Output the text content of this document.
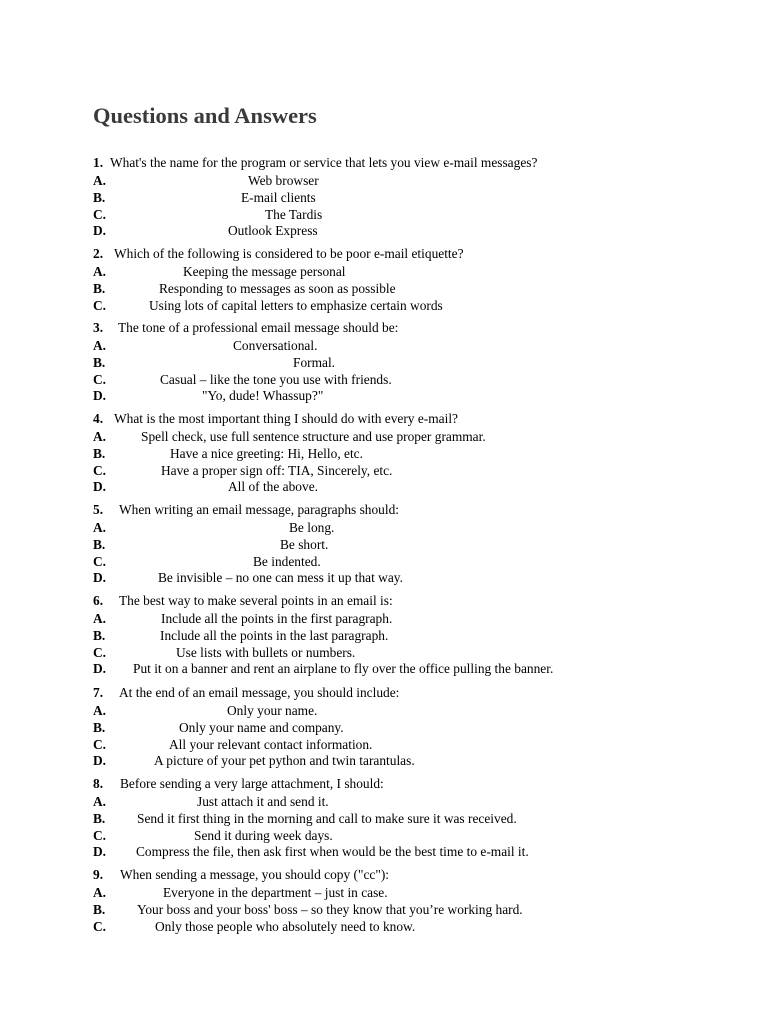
Questions and Answers
1. What's the name for the program or service that lets you view e-mail messages?
A.	Web browser
B.	E-mail clients
C.	The Tardis
D.	Outlook Express
2. Which of the following is considered to be poor e-mail etiquette?
A.	Keeping the message personal
B.	Responding to messages as soon as possible
C.	Using lots of capital letters to emphasize certain words
3. The tone of a professional email message should be:
A.	Conversational.
B.	Formal.
C.	Casual – like the tone you use with friends.
D.	"Yo, dude! Whassup?"
4. What is the most important thing I should do with every e-mail?
A.	Spell check, use full sentence structure and use proper grammar.
B.	Have a nice greeting: Hi, Hello, etc.
C.	Have a proper sign off: TIA, Sincerely, etc.
D.	All of the above.
5. When writing an email message, paragraphs should:
A.	Be long.
B.	Be short.
C.	Be indented.
D.	Be invisible – no one can mess it up that way.
6. The best way to make several points in an email is:
A.	Include all the points in the first paragraph.
B.	Include all the points in the last paragraph.
C.	Use lists with bullets or numbers.
D. Put it on a banner and rent an airplane to fly over the office pulling the banner.
7. At the end of an email message, you should include:
A.	Only your name.
B.	Only your name and company.
C.	All your relevant contact information.
D.	A picture of your pet python and twin tarantulas.
8. Before sending a very large attachment, I should:
A.	Just attach it and send it.
B. Send it first thing in the morning and call to make sure it was received.
C.	Send it during week days.
D. Compress the file, then ask first when would be the best time to e-mail it.
9. When sending a message, you should copy ("cc"):
A.	Everyone in the department – just in case.
B. Your boss and your boss' boss – so they know that you’re working hard.
C.	Only those people who absolutely need to know.
